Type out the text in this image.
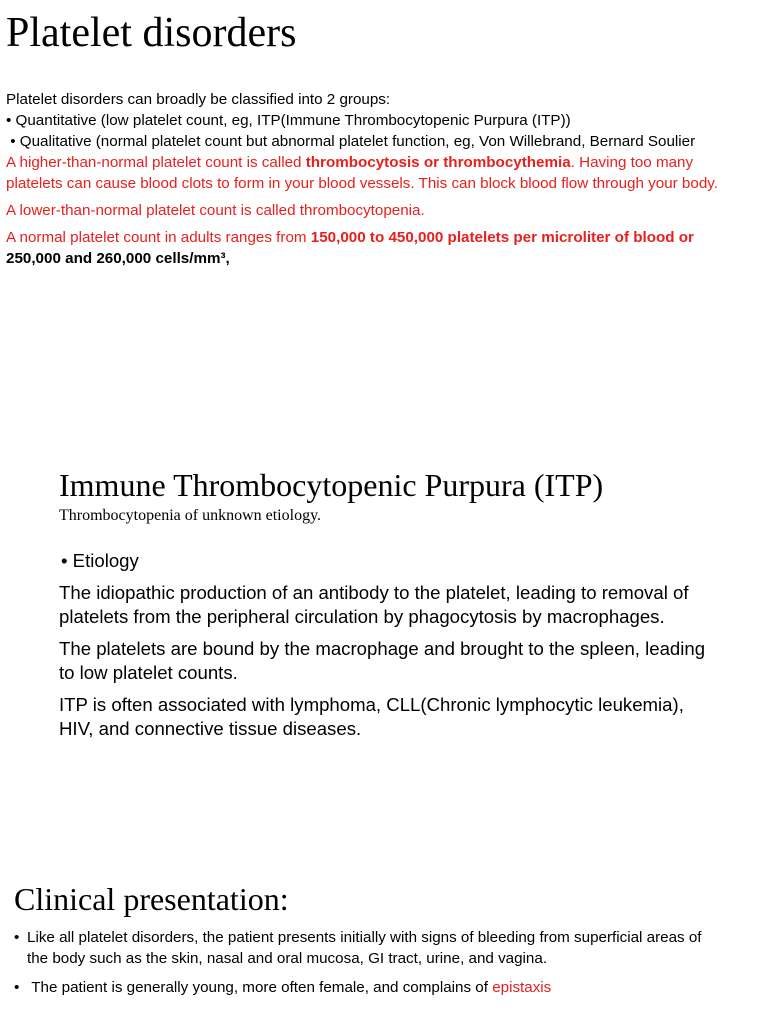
Platelet disorders

Platelet disorders can broadly be classified into 2 groups:

• Quantitative (low platelet count, eg, ITP(Immune Thrombocytopenic Purpura (ITP))

• Qualitative (normal platelet count but abnormal platelet function, eg, Von Willebrand, Bernard Soulier

A higher-than-normal platelet count is called thrombocytosis or thrombocythemia. Having too many platelets can cause blood clots to form in your blood vessels. This can block blood flow through your body.

A lower-than-normal platelet count is called thrombocytopenia.

A normal platelet count in adults ranges from 150,000 to 450,000 platelets per microliter of blood or 250,000 and 260,000 cells/mm³,

Immune Thrombocytopenic Purpura (ITP)
Thrombocytopenia of unknown etiology.

• Etiology

The idiopathic production of an antibody to the platelet, leading to removal of platelets from the peripheral circulation by phagocytosis by macrophages.

The platelets are bound by the macrophage and brought to the spleen, leading to low platelet counts.

ITP is often associated with lymphoma, CLL(Chronic lymphocytic leukemia), HIV, and connective tissue diseases.

Clinical presentation:
• Like all platelet disorders, the patient presents initially with signs of bleeding from superficial areas of the body such as the skin, nasal and oral mucosa, GI tract, urine, and vagina.
• The patient is generally young, more often female, and complains of epistaxis
